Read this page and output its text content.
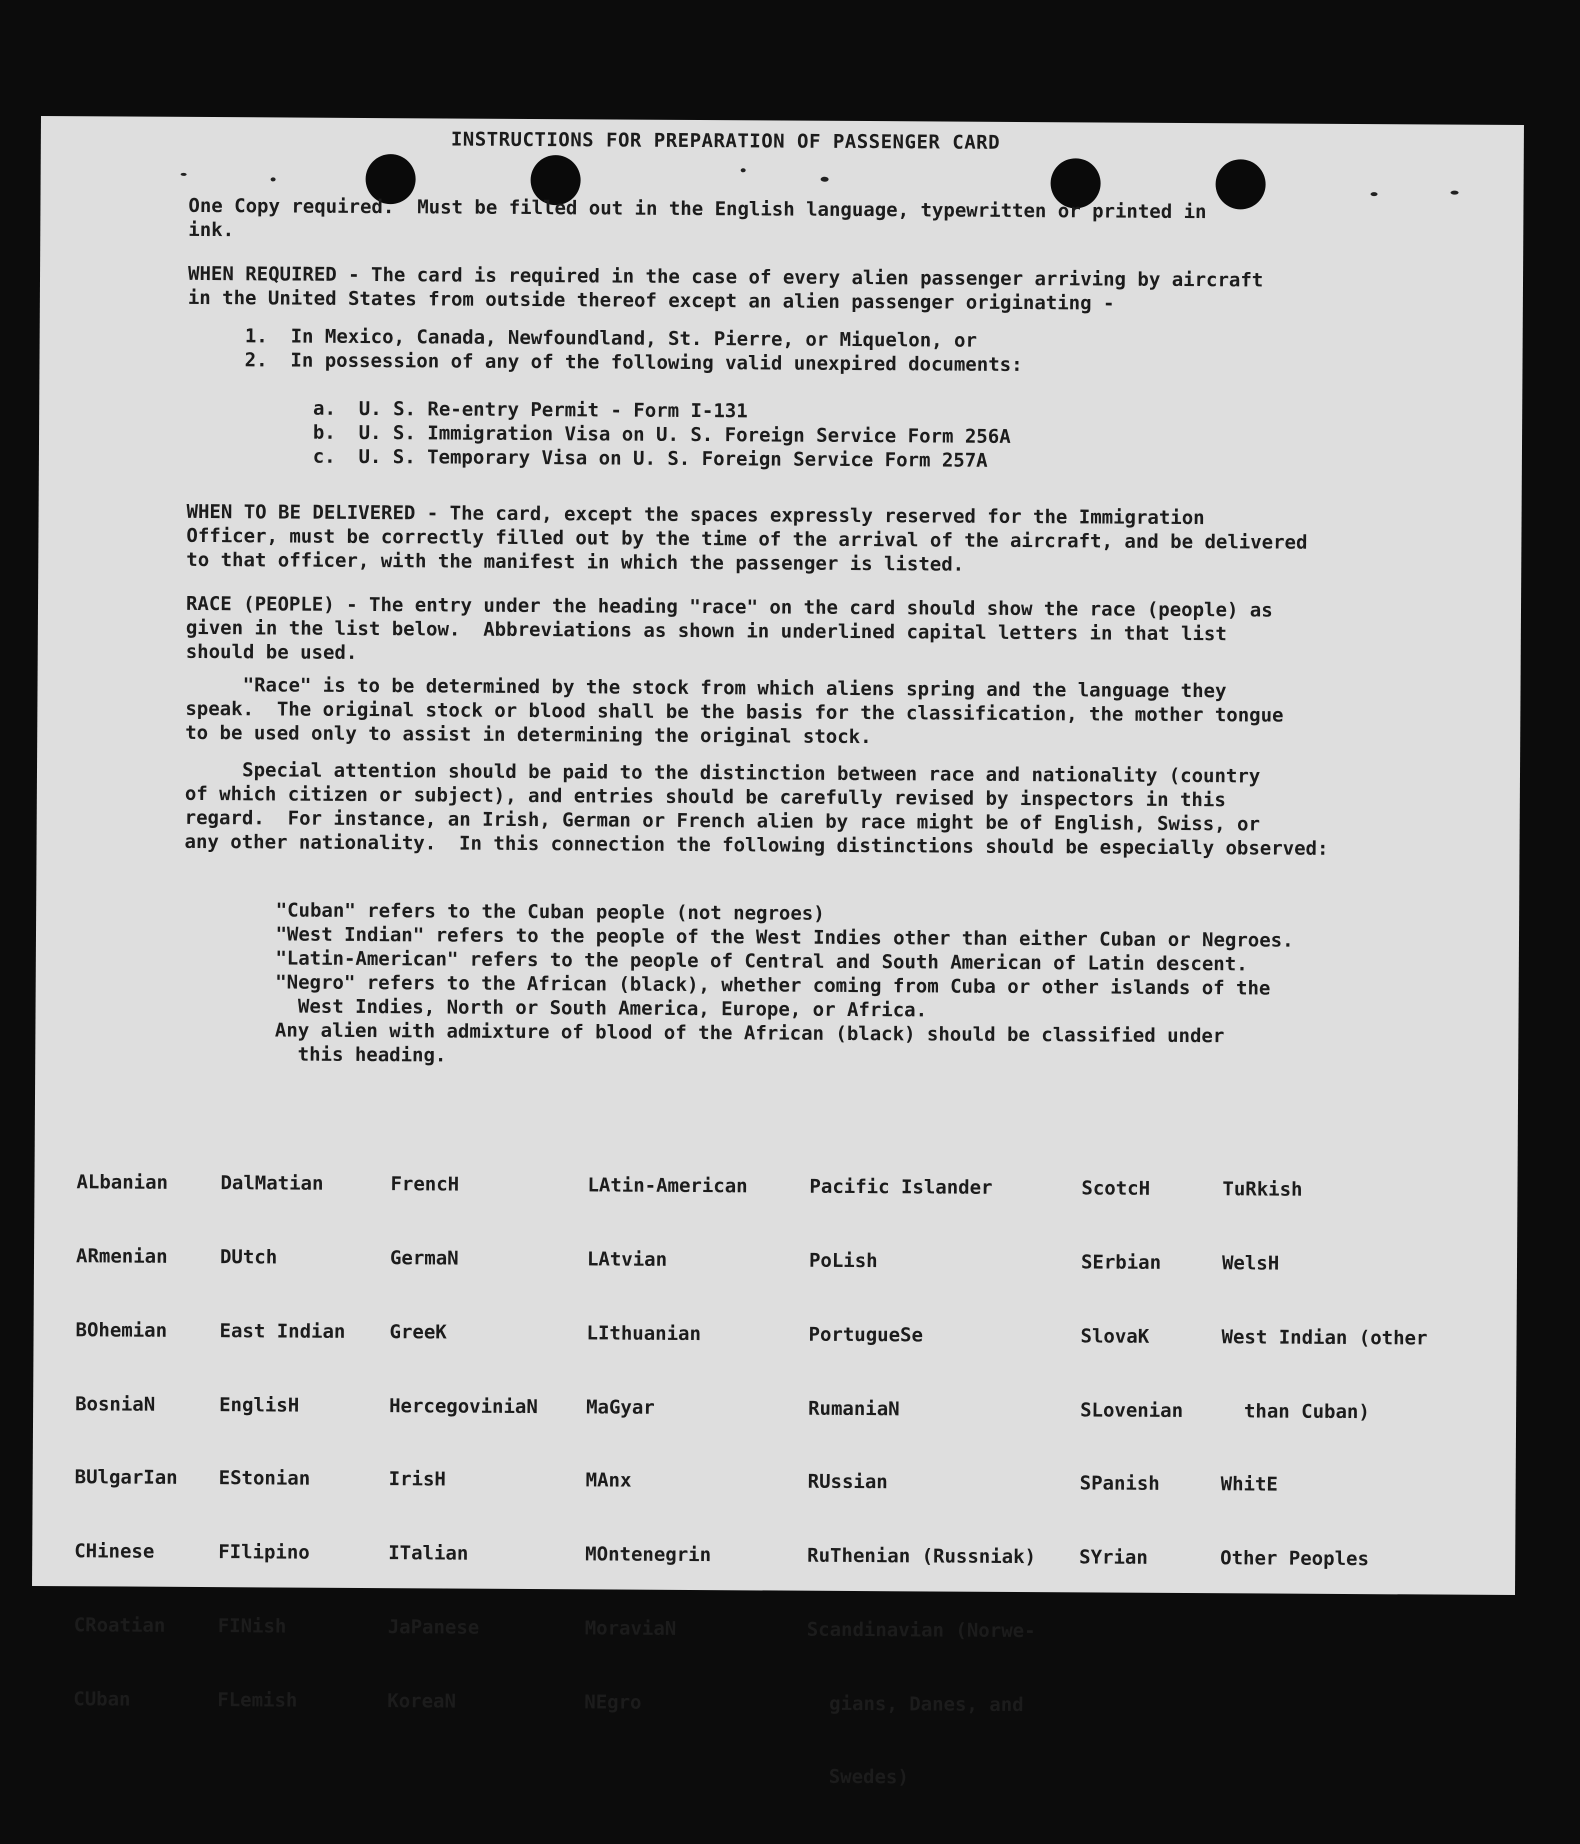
INSTRUCTIONS FOR PREPARATION OF PASSENGER CARD
One Copy required.  Must be filled out in the English language, typewritten or printed in
ink.
WHEN REQUIRED - The card is required in the case of every alien passenger arriving by aircraft
in the United States from outside thereof except an alien passenger originating -
1.  In Mexico, Canada, Newfoundland, St. Pierre, or Miquelon, or
2.  In possession of any of the following valid unexpired documents:
a.  U. S. Re-entry Permit - Form I-131
b.  U. S. Immigration Visa on U. S. Foreign Service Form 256A
c.  U. S. Temporary Visa on U. S. Foreign Service Form 257A
WHEN TO BE DELIVERED - The card, except the spaces expressly reserved for the Immigration
Officer, must be correctly filled out by the time of the arrival of the aircraft, and be delivered
to that officer, with the manifest in which the passenger is listed.
RACE (PEOPLE) - The entry under the heading "race" on the card should show the race (people) as
given in the list below.  Abbreviations as shown in underlined capital letters in that list
should be used.
"Race" is to be determined by the stock from which aliens spring and the language they
speak.  The original stock or blood shall be the basis for the classification, the mother tongue
to be used only to assist in determining the original stock.
Special attention should be paid to the distinction between race and nationality (country
of which citizen or subject), and entries should be carefully revised by inspectors in this
regard.  For instance, an Irish, German or French alien by race might be of English, Swiss, or
any other nationality.  In this connection the following distinctions should be especially observed:
"Cuban" refers to the Cuban people (not negroes)
"West Indian" refers to the people of the West Indies other than either Cuban or Negroes.
"Latin-American" refers to the people of Central and South American of Latin descent.
"Negro" refers to the African (black), whether coming from Cuba or other islands of the
West Indies, North or South America, Europe, or Africa.
Any alien with admixture of blood of the African (black) should be classified under
this heading.

ALbanian

ARmenian

BOhemian

BosniaN

BUlgarIan

CHinese

CRoatian

CUban

DalMatian

DUtch

East Indian

EnglisH

EStonian

FIlipino

FINish

FLemish

FrencH

GermaN

GreeK

HercegoviniaN

IrisH

ITalian

JaPanese

KoreaN

LAtin-American

LAtvian

LIthuanian

MaGyar

MAnx

MOntenegrin

MoraviaN

NEgro

Pacific Islander

PoLish

PortugueSe

RumaniaN

RUssian

RuThenian (Russniak)

Scandinavian (Norwe-

gians, Danes, and

Swedes)

ScotcH

SErbian

SlovaK

SLovenian

SPanish

SYrian

TuRkish

WelsH

West Indian (other

than Cuban)

WhitE

Other Peoples
